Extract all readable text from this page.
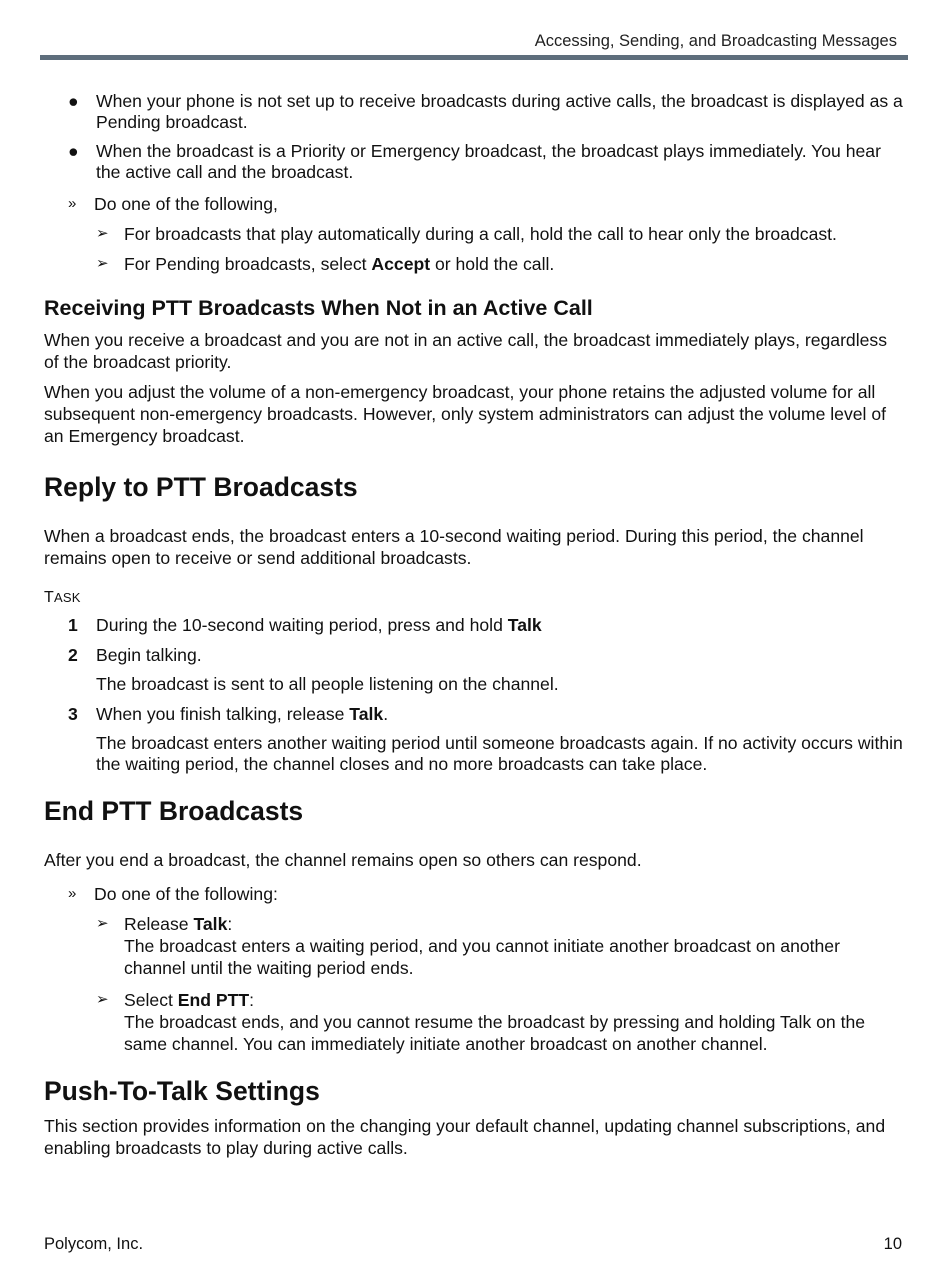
Accessing, Sending, and Broadcasting Messages
● When your phone is not set up to receive broadcasts during active calls, the broadcast is displayed as a Pending broadcast.
● When the broadcast is a Priority or Emergency broadcast, the broadcast plays immediately. You hear the active call and the broadcast.
» Do one of the following,
➢ For broadcasts that play automatically during a call, hold the call to hear only the broadcast.
➢ For Pending broadcasts, select Accept or hold the call.
Receiving PTT Broadcasts When Not in an Active Call

When you receive a broadcast and you are not in an active call, the broadcast immediately plays, regardless of the broadcast priority.

When you adjust the volume of a non-emergency broadcast, your phone retains the adjusted volume for all subsequent non-emergency broadcasts. However, only system administrators can adjust the volume level of an Emergency broadcast.

Reply to PTT Broadcasts

When a broadcast ends, the broadcast enters a 10-second waiting period. During this period, the channel remains open to receive or send additional broadcasts.

TASK
1 During the 10-second waiting period, press and hold Talk
2 Begin talking.
The broadcast is sent to all people listening on the channel.
3 When you finish talking, release Talk.
The broadcast enters another waiting period until someone broadcasts again. If no activity occurs within the waiting period, the channel closes and no more broadcasts can take place.
End PTT Broadcasts

After you end a broadcast, the channel remains open so others can respond.

» Do one of the following:
➢ Release Talk:
The broadcast enters a waiting period, and you cannot initiate another broadcast on another channel until the waiting period ends.
➢ Select End PTT:
The broadcast ends, and you cannot resume the broadcast by pressing and holding Talk on the same channel. You can immediately initiate another broadcast on another channel.
Push-To-Talk Settings

This section provides information on the changing your default channel, updating channel subscriptions, and enabling broadcasts to play during active calls.

Polycom, Inc.	10
